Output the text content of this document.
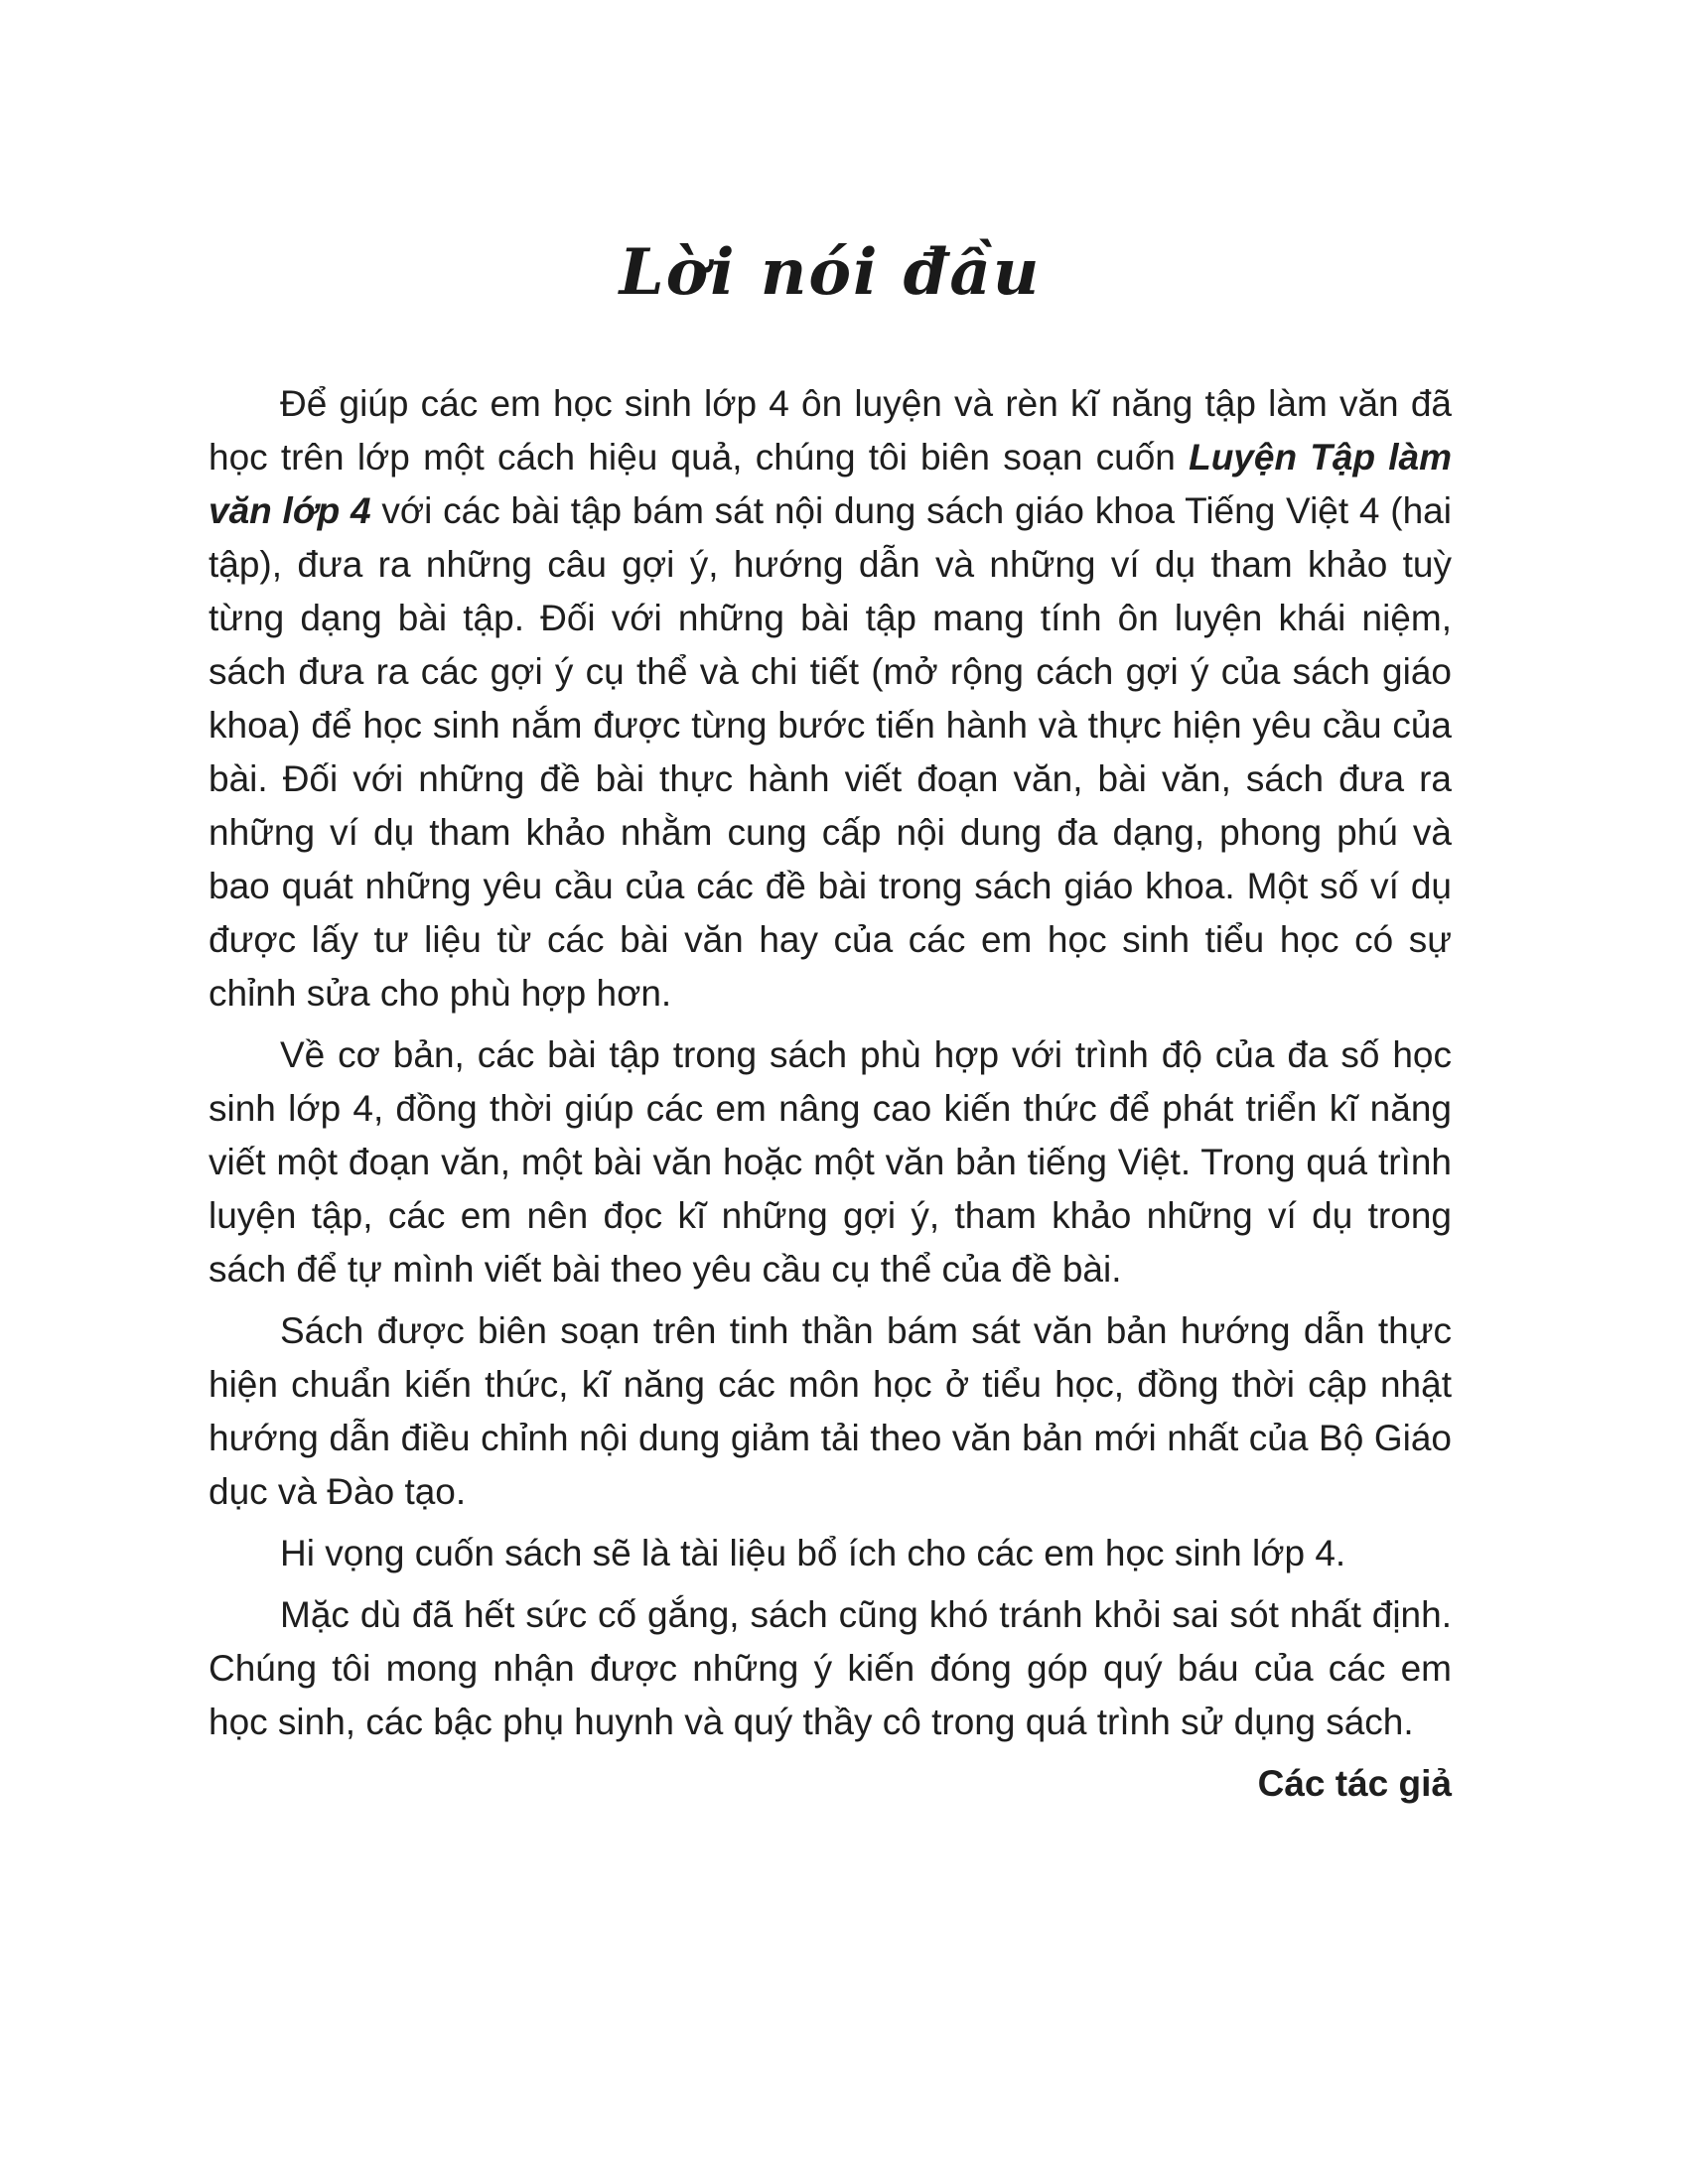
Lời nói đầu

Để giúp các em học sinh lớp 4 ôn luyện và rèn kĩ năng tập làm văn đã học trên lớp một cách hiệu quả, chúng tôi biên soạn cuốn Luyện Tập làm văn lớp 4 với các bài tập bám sát nội dung sách giáo khoa Tiếng Việt 4 (hai tập), đưa ra những câu gợi ý, hướng dẫn và những ví dụ tham khảo tuỳ từng dạng bài tập. Đối với những bài tập mang tính ôn luyện khái niệm, sách đưa ra các gợi ý cụ thể và chi tiết (mở rộng cách gợi ý của sách giáo khoa) để học sinh nắm được từng bước tiến hành và thực hiện yêu cầu của bài. Đối với những đề bài thực hành viết đoạn văn, bài văn, sách đưa ra những ví dụ tham khảo nhằm cung cấp nội dung đa dạng, phong phú và bao quát những yêu cầu của các đề bài trong sách giáo khoa. Một số ví dụ được lấy tư liệu từ các bài văn hay của các em học sinh tiểu học có sự chỉnh sửa cho phù hợp hơn.

Về cơ bản, các bài tập trong sách phù hợp với trình độ của đa số học sinh lớp 4, đồng thời giúp các em nâng cao kiến thức để phát triển kĩ năng viết một đoạn văn, một bài văn hoặc một văn bản tiếng Việt. Trong quá trình luyện tập, các em nên đọc kĩ những gợi ý, tham khảo những ví dụ trong sách để tự mình viết bài theo yêu cầu cụ thể của đề bài.

Sách được biên soạn trên tinh thần bám sát văn bản hướng dẫn thực hiện chuẩn kiến thức, kĩ năng các môn học ở tiểu học, đồng thời cập nhật hướng dẫn điều chỉnh nội dung giảm tải theo văn bản mới nhất của Bộ Giáo dục và Đào tạo.

Hi vọng cuốn sách sẽ là tài liệu bổ ích cho các em học sinh lớp 4.

Mặc dù đã hết sức cố gắng, sách cũng khó tránh khỏi sai sót nhất định. Chúng tôi mong nhận được những ý kiến đóng góp quý báu của các em học sinh, các bậc phụ huynh và quý thầy cô trong quá trình sử dụng sách.

Các tác giả
